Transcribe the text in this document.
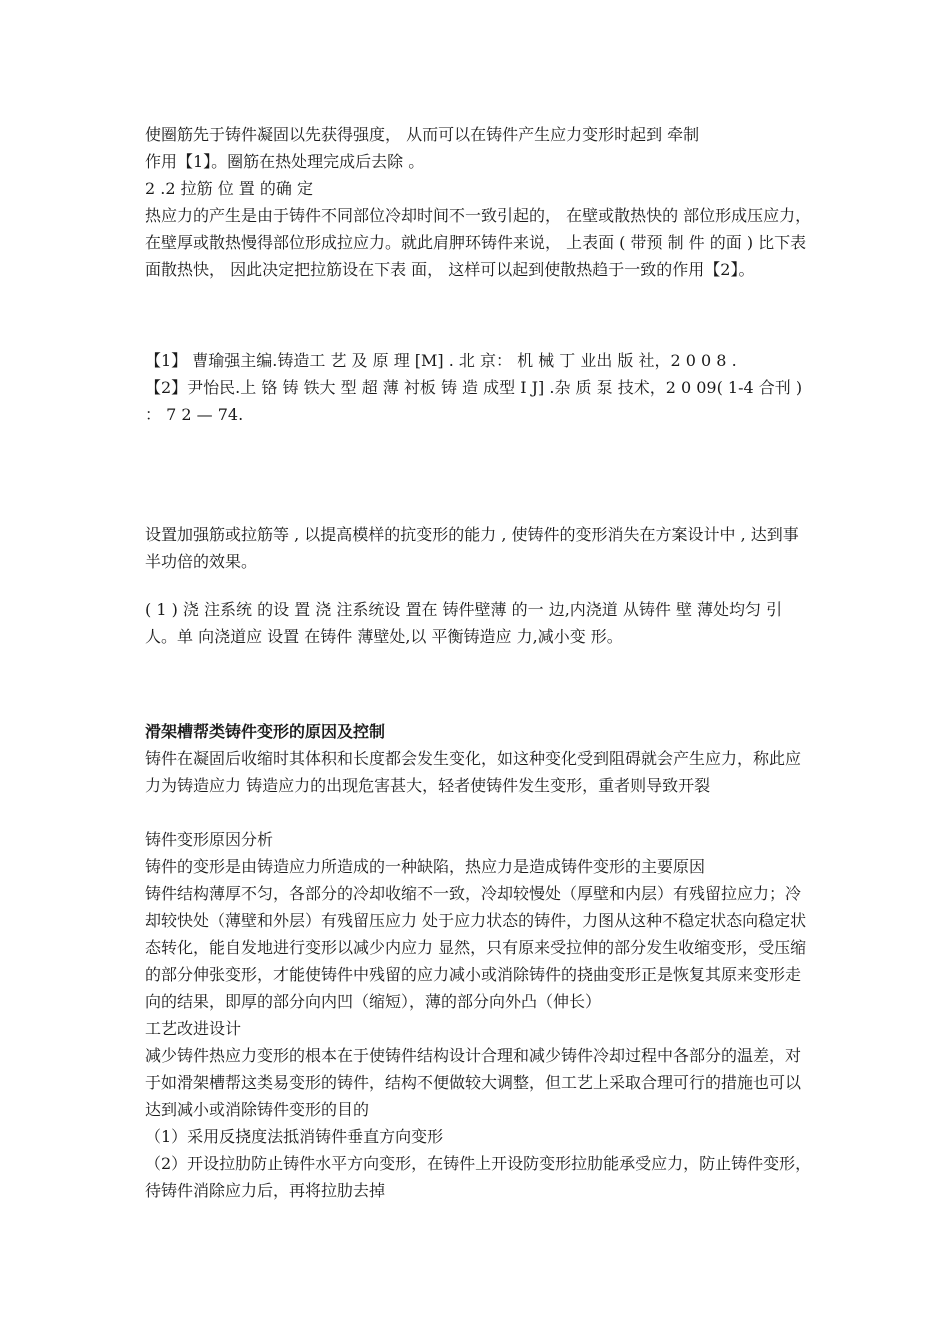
使圈筋先于铸件凝固以先获得强度， 从而可以在铸件产生应力变形时起到 牵制

作用【1】。圈筋在热处理完成后去除 。

2 .2 拉筋 位 置 的确 定

热应力的产生是由于铸件不同部位冷却时间不一致引起的， 在壁或散热快的 部位形成压应力， 在壁厚或散热慢得部位形成拉应力。就此肩胛环铸件来说， 上表面 ( 带预 制 件 的面 ) 比下表面散热快， 因此决定把拉筋设在下表 面， 这样可以起到使散热趋于一致的作用【2】。

【1】 曹瑜强主编.铸造工 艺 及 原 理 [M] . 北 京： 机 械 丁 业出 版 社，2 0 0 8 .

【2】尹怡民.上 铬 铸 铁大 型 超 薄 衬板 铸 造 成型 I J] .杂 质 泵 技术，2 0 09( 1-4 合刊 ) ： 7 2 — 74.

设置加强筋或拉筋等 , 以提高模样的抗变形的能力 , 使铸件的变形消失在方案设计中 , 达到事半功倍的效果。

( 1 ) 浇 注系统 的设 置 浇 注系统设 置在 铸件壁薄 的一 边,内浇道 从铸件 壁 薄处均匀 引人。单 向浇道应 设置 在铸件 薄壁处,以 平衡铸造应 力,减小变 形。

滑架槽帮类铸件变形的原因及控制

铸件在凝固后收缩时其体积和长度都会发生变化，如这种变化受到阻碍就会产生应力，称此应力为铸造应力 铸造应力的出现危害甚大，轻者使铸件发生变形，重者则导致开裂

铸件变形原因分析

铸件的变形是由铸造应力所造成的一种缺陷，热应力是造成铸件变形的主要原因

铸件结构薄厚不匀，各部分的冷却收缩不一致，冷却较慢处（厚壁和内层）有残留拉应力；冷却较快处（薄壁和外层）有残留压应力 处于应力状态的铸件，力图从这种不稳定状态向稳定状态转化，能自发地进行变形以减少内应力 显然，只有原来受拉伸的部分发生收缩变形，受压缩的部分伸张变形，才能使铸件中残留的应力减小或消除铸件的挠曲变形正是恢复其原来变形走向的结果，即厚的部分向内凹（缩短），薄的部分向外凸（伸长）

工艺改进设计

减少铸件热应力变形的根本在于使铸件结构设计合理和减少铸件冷却过程中各部分的温差，对于如滑架槽帮这类易变形的铸件，结构不便做较大调整，但工艺上采取合理可行的措施也可以达到减小或消除铸件变形的目的

（1）采用反挠度法抵消铸件垂直方向变形

（2）开设拉肋防止铸件水平方向变形，在铸件上开设防变形拉肋能承受应力，防止铸件变形，待铸件消除应力后，再将拉肋去掉
